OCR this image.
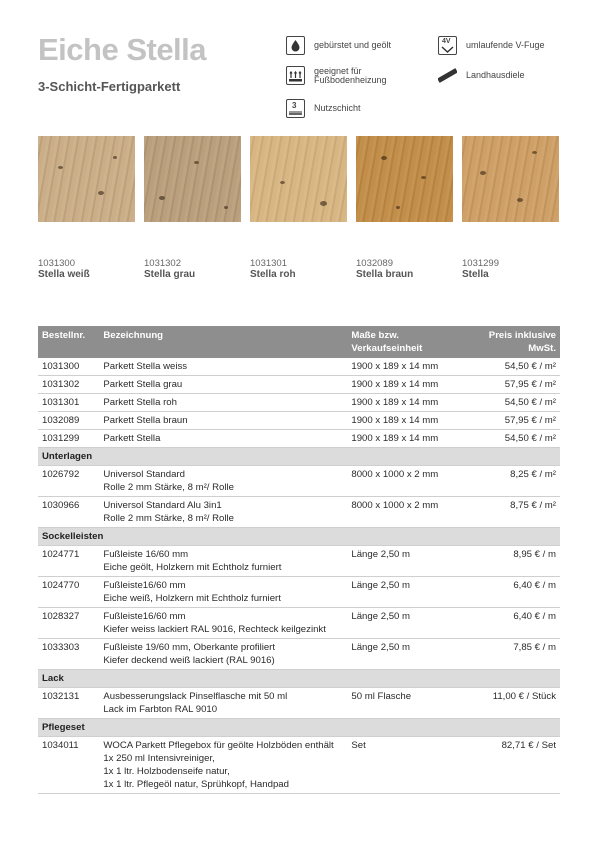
Eiche Stella
3-Schicht-Fertigparkett
gebürstet und geölt
geeignet für Fußbodenheizung
3 Nutzschicht
4V umlaufende V-Fuge
Landhausdiele
1031300
Stella weiß
1031302
Stella grau
1031301
Stella roh
1032089
Stella braun
1031299
Stella
Bestellnr.	Bezeichnung	Maße bzw. Verkaufseinheit	Preis inklusive MwSt.
1031300	Parkett Stella weiss	1900 x 189 x 14 mm	54,50 € / m²
1031302	Parkett Stella grau	1900 x 189 x 14 mm	57,95 € / m²
1031301	Parkett Stella roh	1900 x 189 x 14 mm	54,50 € / m²
1032089	Parkett Stella braun	1900 x 189 x 14 mm	57,95 € / m²
1031299	Parkett Stella	1900 x 189 x 14 mm	54,50 € / m²
Unterlagen			
1026792	Universol Standard
Rolle 2 mm Stärke, 8 m²/ Rolle	8000 x 1000 x 2 mm	8,25 € / m²
1030966	Universol Standard Alu 3in1
Rolle 2 mm Stärke, 8 m²/ Rolle	8000 x 1000 x 2 mm	8,75 € / m²
Sockelleisten			
1024771	Fußleiste 16/60 mm
Eiche geölt, Holzkern mit Echtholz furniert	Länge 2,50 m	8,95 € / m
1024770	Fußleiste16/60 mm
Eiche weiß, Holzkern mit Echtholz furniert	Länge 2,50 m	6,40 € / m
1028327	Fußleiste16/60 mm
Kiefer weiss lackiert RAL 9016, Rechteck keilgezinkt	Länge 2,50 m	6,40 € / m
1033303	Fußleiste 19/60 mm, Oberkante profiliert
Kiefer deckend weiß lackiert (RAL 9016)	Länge 2,50 m	7,85 € / m
Lack			
1032131	Ausbesserungslack Pinselflasche mit 50 ml
Lack im Farbton RAL 9010	50 ml Flasche	11,00 € / Stück
Pflegeset			
1034011	WOCA Parkett Pflegebox für geölte Holzböden enthält
1x 250 ml Intensivreiniger,
1x 1 ltr. Holzbodenseife natur,
1x 1 ltr. Pflegeöl natur, Sprühkopf, Handpad	Set	82,71 € / Set
